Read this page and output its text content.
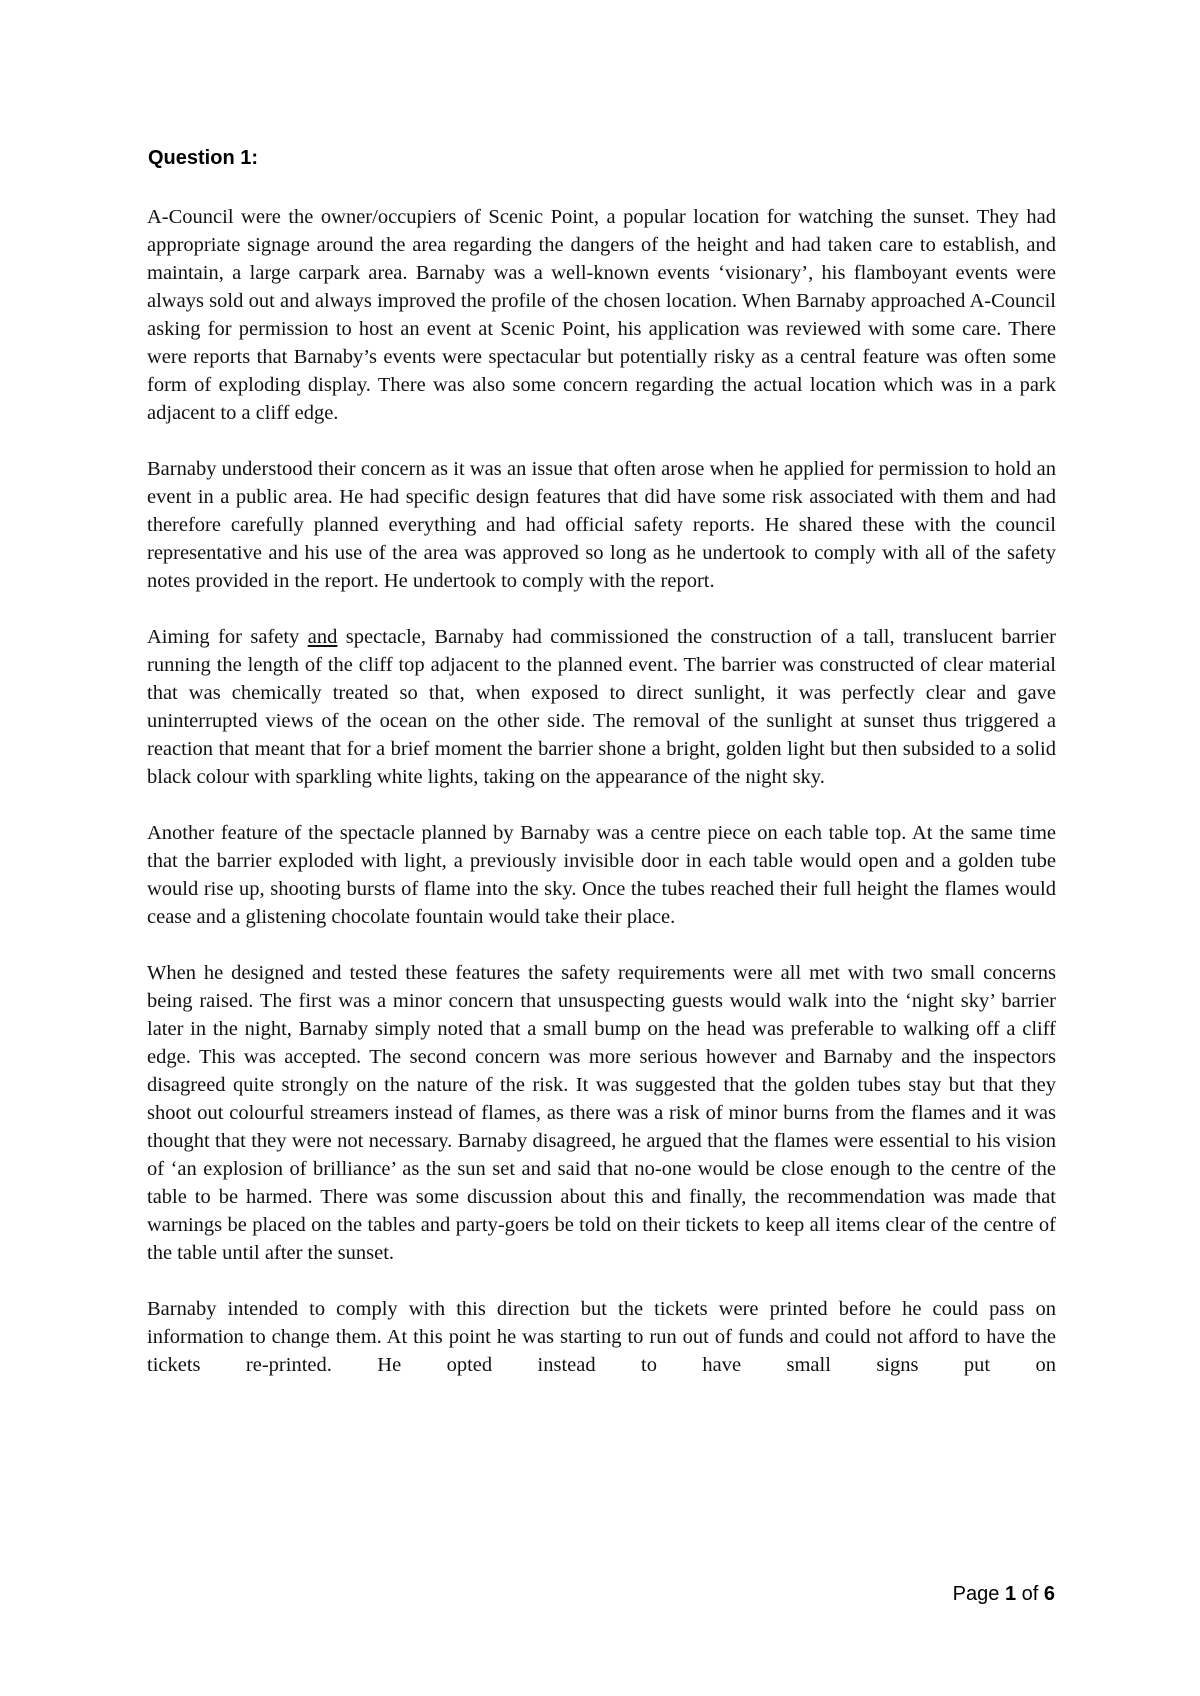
Question 1:

A-Council were the owner/occupiers of Scenic Point, a popular location for watching the sunset. They had appropriate signage around the area regarding the dangers of the height and had taken care to establish, and maintain, a large carpark area. Barnaby was a well-known events ‘visionary’, his flamboyant events were always sold out and always improved the profile of the chosen location. When Barnaby approached A-Council asking for permission to host an event at Scenic Point, his application was reviewed with some care. There were reports that Barnaby’s events were spectacular but potentially risky as a central feature was often some form of exploding display. There was also some concern regarding the actual location which was in a park adjacent to a cliff edge.

Barnaby understood their concern as it was an issue that often arose when he applied for permission to hold an event in a public area. He had specific design features that did have some risk associated with them and had therefore carefully planned everything and had official safety reports. He shared these with the council representative and his use of the area was approved so long as he undertook to comply with all of the safety notes provided in the report. He undertook to comply with the report.

Aiming for safety and spectacle, Barnaby had commissioned the construction of a tall, translucent barrier running the length of the cliff top adjacent to the planned event. The barrier was constructed of clear material that was chemically treated so that, when exposed to direct sunlight, it was perfectly clear and gave uninterrupted views of the ocean on the other side. The removal of the sunlight at sunset thus triggered a reaction that meant that for a brief moment the barrier shone a bright, golden light but then subsided to a solid black colour with sparkling white lights, taking on the appearance of the night sky.

Another feature of the spectacle planned by Barnaby was a centre piece on each table top. At the same time that the barrier exploded with light, a previously invisible door in each table would open and a golden tube would rise up, shooting bursts of flame into the sky. Once the tubes reached their full height the flames would cease and a glistening chocolate fountain would take their place.

When he designed and tested these features the safety requirements were all met with two small concerns being raised. The first was a minor concern that unsuspecting guests would walk into the ‘night sky’ barrier later in the night, Barnaby simply noted that a small bump on the head was preferable to walking off a cliff edge. This was accepted. The second concern was more serious however and Barnaby and the inspectors disagreed quite strongly on the nature of the risk. It was suggested that the golden tubes stay but that they shoot out colourful streamers instead of flames, as there was a risk of minor burns from the flames and it was thought that they were not necessary. Barnaby disagreed, he argued that the flames were essential to his vision of ‘an explosion of brilliance’ as the sun set and said that no-one would be close enough to the centre of the table to be harmed. There was some discussion about this and finally, the recommendation was made that warnings be placed on the tables and party-goers be told on their tickets to keep all items clear of the centre of the table until after the sunset.

Barnaby intended to comply with this direction but the tickets were printed before he could pass on information to change them. At this point he was starting to run out of funds and could not afford to have the tickets re-printed. He opted instead to have small signs put on

Page 1 of 6
